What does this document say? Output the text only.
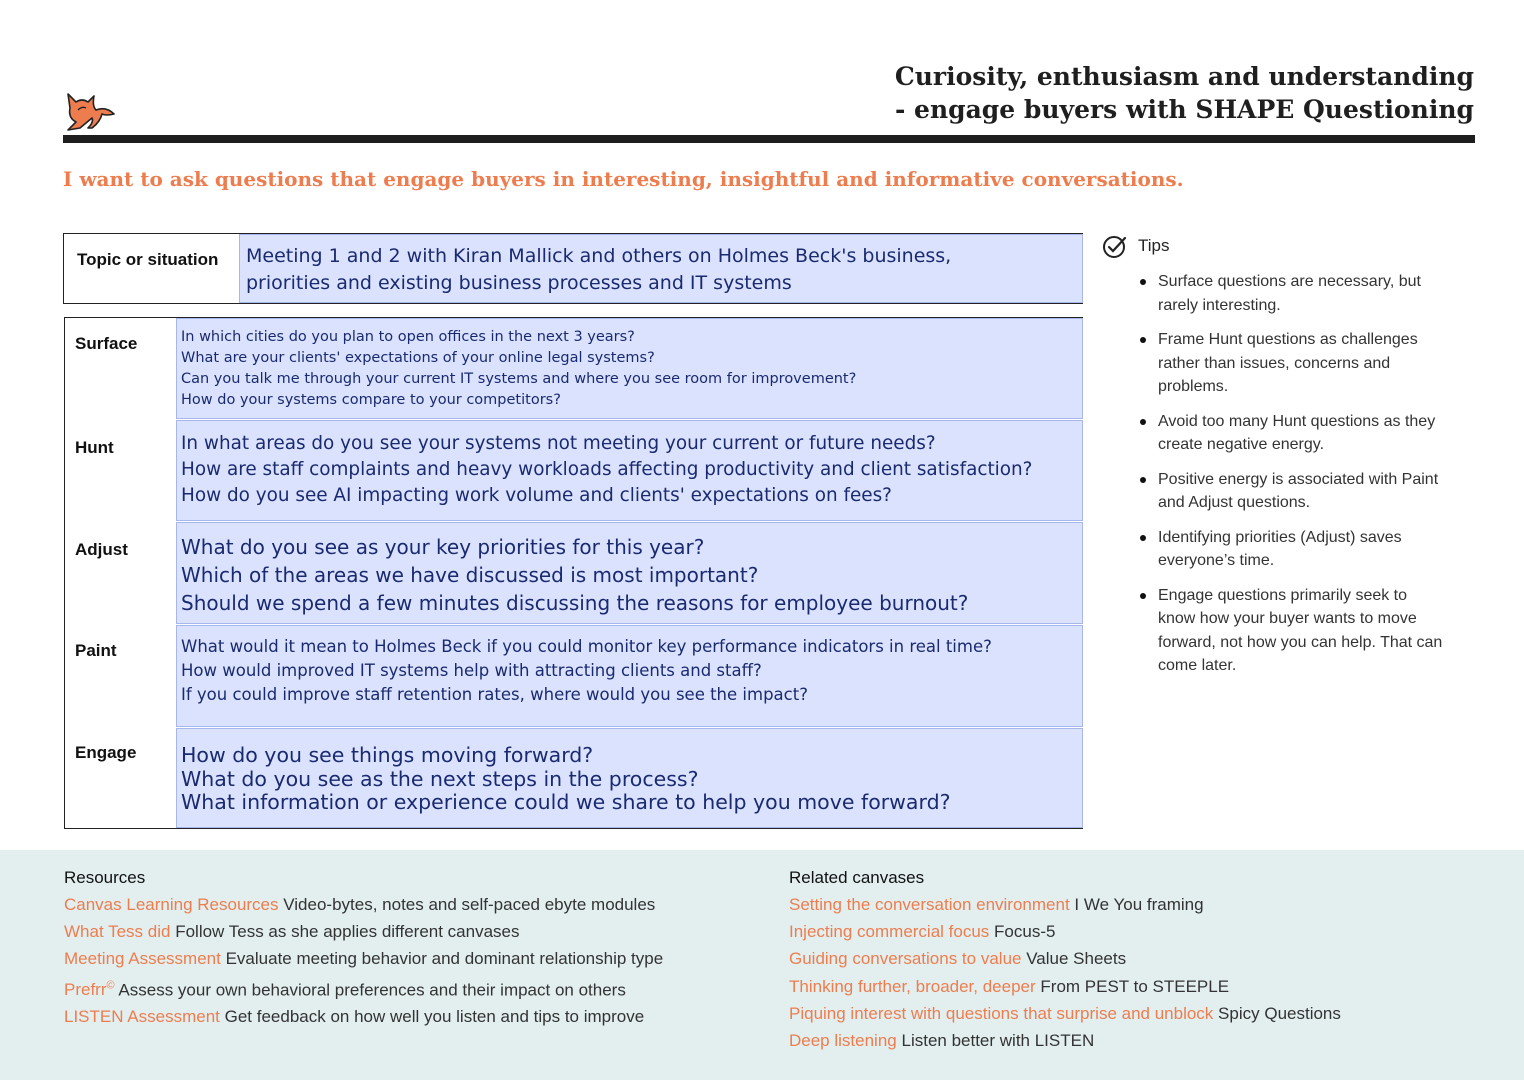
Curiosity, enthusiasm and understanding
- engage buyers with SHAPE Questioning
I want to ask questions that engage buyers in interesting, insightful and informative conversations.
Topic or situation Meeting 1 and 2 with Kiran Mallick and others on Holmes Beck's business,
priorities and existing business processes and IT systems
Surface	In which cities do you plan to open offices in the next 3 years?
What are your clients' expectations of your online legal systems?
Can you talk me through your current IT systems and where you see room for improvement?
How do your systems compare to your competitors?
Hunt	In what areas do you see your systems not meeting your current or future needs?
How are staff complaints and heavy workloads affecting productivity and client satisfaction?
How do you see AI impacting work volume and clients' expectations on fees?
Adjust	What do you see as your key priorities for this year?
Which of the areas we have discussed is most important?
Should we spend a few minutes discussing the reasons for employee burnout?
Paint	What would it mean to Holmes Beck if you could monitor key performance indicators in real time?
How would improved IT systems help with attracting clients and staff?
If you could improve staff retention rates, where would you see the impact?
Engage How do you see things moving forward?
What do you see as the next steps in the process?
What information or experience could we share to help you move forward?
Tips
Surface questions are necessary, but rarely interesting.
Frame Hunt questions as challenges rather than issues, concerns and problems.
Avoid too many Hunt questions as they create negative energy.
Positive energy is associated with Paint and Adjust questions.
Identifying priorities (Adjust) saves everyone’s time.
Engage questions primarily seek to know how your buyer wants to move forward, not how you can help. That can come later.
Resources
Canvas Learning Resources Video-bytes, notes and self-paced ebyte modules
What Tess did Follow Tess as she applies different canvases
Meeting Assessment Evaluate meeting behavior and dominant relationship type
Prefrr© Assess your own behavioral preferences and their impact on others
LISTEN Assessment Get feedback on how well you listen and tips to improve
Related canvases
Setting the conversation environment I We You framing
Injecting commercial focus Focus-5
Guiding conversations to value Value Sheets
Thinking further, broader, deeper From PEST to STEEPLE
Piquing interest with questions that surprise and unblock Spicy Questions
Deep listening Listen better with LISTEN
